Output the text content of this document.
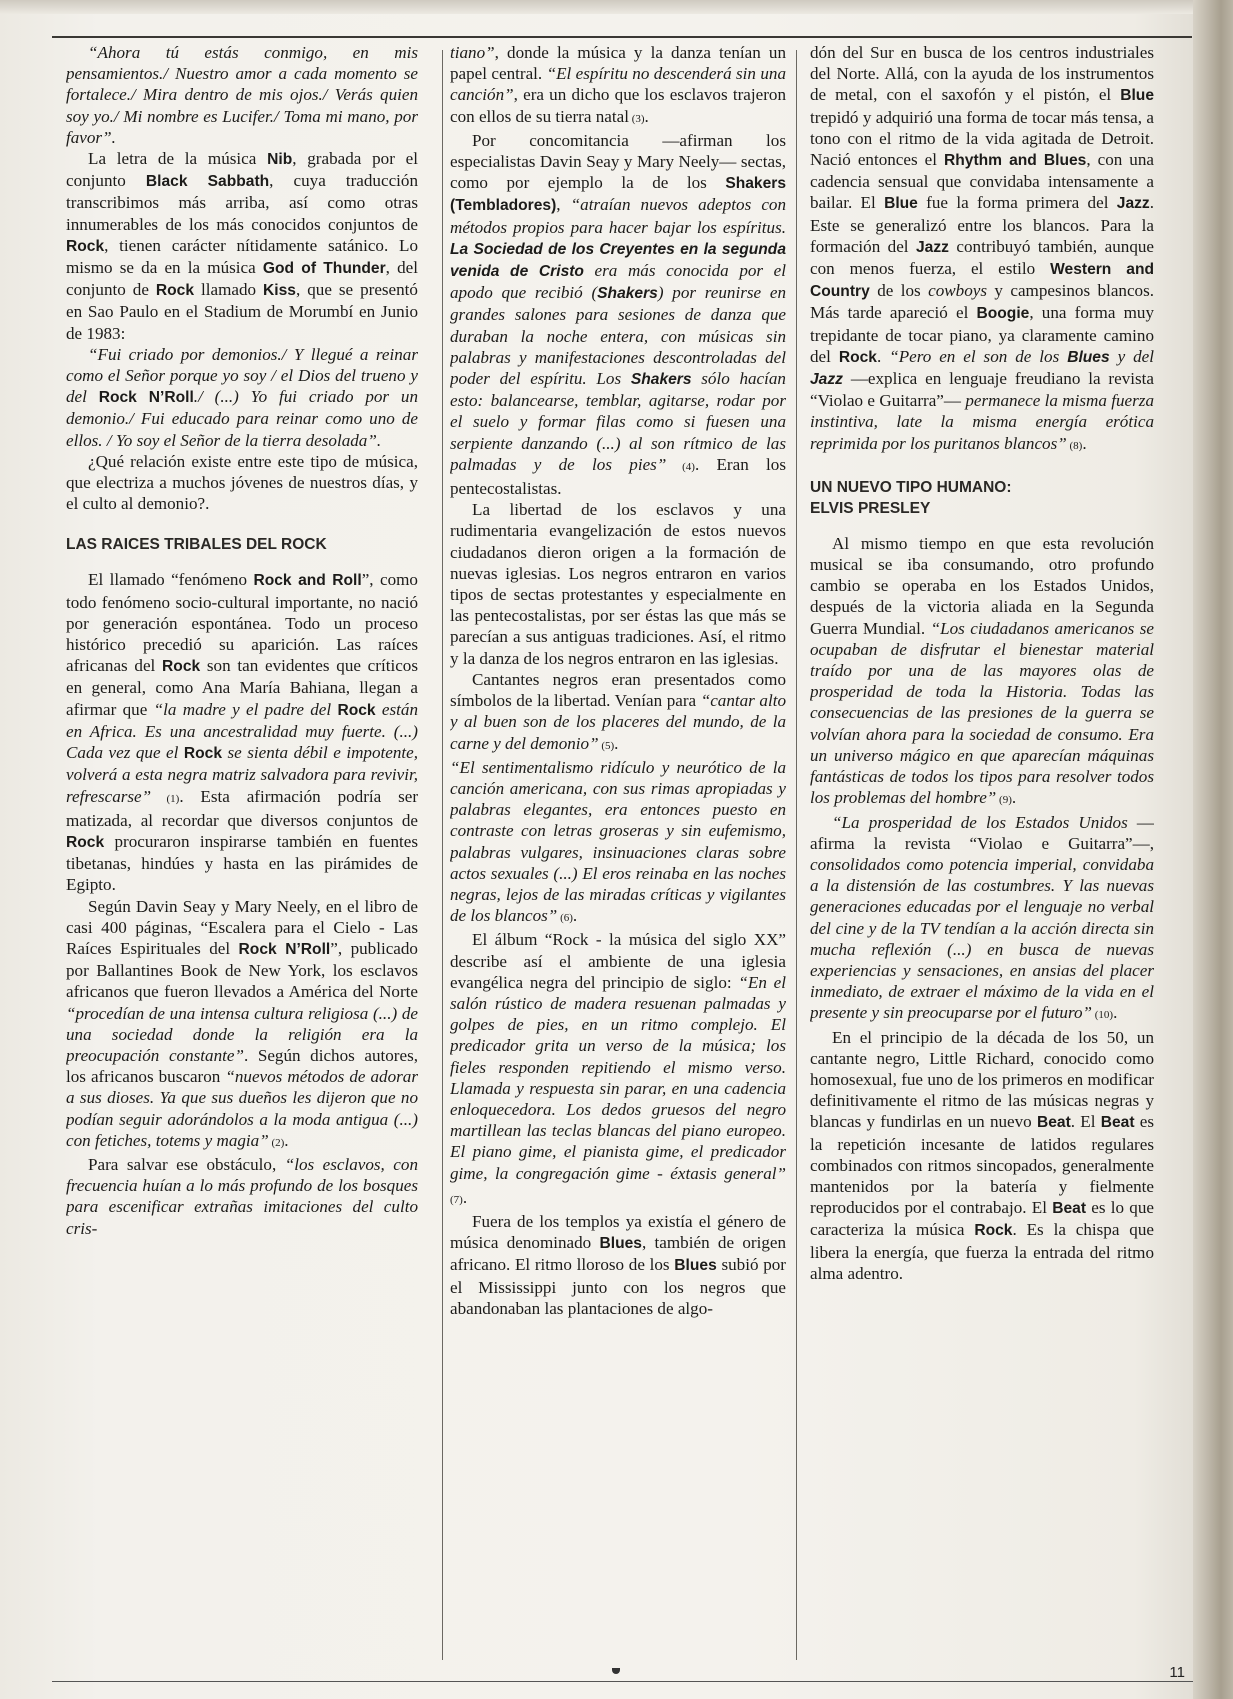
“Ahora tú estás conmigo, en mis pensamientos./ Nuestro amor a cada momento se fortalece./ Mira dentro de mis ojos./ Verás quien soy yo./ Mi nombre es Lucifer./ Toma mi mano, por favor”.

La letra de la música Nib, grabada por el conjunto Black Sabbath, cuya traducción transcribimos más arriba, así como otras innumerables de los más conocidos conjuntos de Rock, tienen carácter nítidamente satánico. Lo mismo se da en la música God of Thunder, del conjunto de Rock llamado Kiss, que se presentó en Sao Paulo en el Stadium de Morumbí en Junio de 1983:

“Fui criado por demonios./ Y llegué a reinar como el Señor porque yo soy / el Dios del trueno y del Rock N’Roll./ (...) Yo fui criado por un demonio./ Fui educado para reinar como uno de ellos. / Yo soy el Señor de la tierra desolada”.

¿Qué relación existe entre este tipo de música, que electriza a muchos jóvenes de nuestros días, y el culto al demonio?.

LAS RAICES TRIBALES DEL ROCK

El llamado “fenómeno Rock and Roll”, como todo fenómeno socio-cultural importante, no nació por generación espontánea. Todo un proceso histórico precedió su aparición. Las raíces africanas del Rock son tan evidentes que críticos en general, como Ana María Bahiana, llegan a afirmar que “la madre y el padre del Rock están en Africa. Es una ancestralidad muy fuerte. (...) Cada vez que el Rock se sienta débil e impotente, volverá a esta negra matriz salvadora para revivir, refrescarse” (1). Esta afirmación podría ser matizada, al recordar que diversos conjuntos de Rock procuraron inspirarse también en fuentes tibetanas, hindúes y hasta en las pirámides de Egipto.

Según Davin Seay y Mary Neely, en el libro de casi 400 páginas, “Escalera para el Cielo - Las Raíces Espirituales del Rock N’Roll”, publicado por Ballantines Book de New York, los esclavos africanos que fueron llevados a América del Norte “procedían de una intensa cultura religiosa (...) de una sociedad donde la religión era la preocupación constante”. Según dichos autores, los africanos buscaron “nuevos métodos de adorar a sus dioses. Ya que sus dueños les dijeron que no podían seguir adorándolos a la moda antigua (...) con fetiches, totems y magia” (2).

Para salvar ese obstáculo, “los esclavos, con frecuencia huían a lo más profundo de los bosques para escenificar extrañas imitaciones del culto cris-

tiano”, donde la música y la danza tenían un papel central. “El espíritu no descenderá sin una canción”, era un dicho que los esclavos trajeron con ellos de su tierra natal (3).

Por concomitancia —afirman los especialistas Davin Seay y Mary Neely— sectas, como por ejemplo la de los Shakers (Tembladores), “atraían nuevos adeptos con métodos propios para hacer bajar los espíritus. La Sociedad de los Creyentes en la segunda venida de Cristo era más conocida por el apodo que recibió (Shakers) por reunirse en grandes salones para sesiones de danza que duraban la noche entera, con músicas sin palabras y manifestaciones descontroladas del poder del espíritu. Los Shakers sólo hacían esto: balancearse, temblar, agitarse, rodar por el suelo y formar filas como si fuesen una serpiente danzando (...) al son rítmico de las palmadas y de los pies” (4). Eran los pentecostalistas.

La libertad de los esclavos y una rudimentaria evangelización de estos nuevos ciudadanos dieron origen a la formación de nuevas iglesias. Los negros entraron en varios tipos de sectas protestantes y especialmente en las pentecostalistas, por ser éstas las que más se parecían a sus antiguas tradiciones. Así, el ritmo y la danza de los negros entraron en las iglesias.

Cantantes negros eran presentados como símbolos de la libertad. Venían para “cantar alto y al buen son de los placeres del mundo, de la carne y del demonio” (5).

“El sentimentalismo ridículo y neurótico de la canción americana, con sus rimas apropiadas y palabras elegantes, era entonces puesto en contraste con letras groseras y sin eufemismo, palabras vulgares, insinuaciones claras sobre actos sexuales (...) El eros reinaba en las noches negras, lejos de las miradas críticas y vigilantes de los blancos” (6).

El álbum “Rock - la música del siglo XX” describe así el ambiente de una iglesia evangélica negra del principio de siglo: “En el salón rústico de madera resuenan palmadas y golpes de pies, en un ritmo complejo. El predicador grita un verso de la música; los fieles responden repitiendo el mismo verso. Llamada y respuesta sin parar, en una cadencia enloquecedora. Los dedos gruesos del negro martillean las teclas blancas del piano europeo. El piano gime, el pianista gime, el predicador gime, la congregación gime - éxtasis general” (7).

Fuera de los templos ya existía el género de música denominado Blues, también de origen africano. El ritmo lloroso de los Blues subió por el Mississippi junto con los negros que abandonaban las plantaciones de algo-

dón del Sur en busca de los centros industriales del Norte. Allá, con la ayuda de los instrumentos de metal, con el saxofón y el pistón, el Blue trepidó y adquirió una forma de tocar más tensa, a tono con el ritmo de la vida agitada de Detroit. Nació entonces el Rhythm and Blues, con una cadencia sensual que convidaba intensamente a bailar. El Blue fue la forma primera del Jazz. Este se generalizó entre los blancos. Para la formación del Jazz contribuyó también, aunque con menos fuerza, el estilo Western and Country de los cowboys y campesinos blancos. Más tarde apareció el Boogie, una forma muy trepidante de tocar piano, ya claramente camino del Rock. “Pero en el son de los Blues y del Jazz —explica en lenguaje freudiano la revista “Violao e Guitarra”— permanece la misma fuerza instintiva, late la misma energía erótica reprimida por los puritanos blancos” (8).

UN NUEVO TIPO HUMANO:
ELVIS PRESLEY

Al mismo tiempo en que esta revolución musical se iba consumando, otro profundo cambio se operaba en los Estados Unidos, después de la victoria aliada en la Segunda Guerra Mundial. “Los ciudadanos americanos se ocupaban de disfrutar el bienestar material traído por una de las mayores olas de prosperidad de toda la Historia. Todas las consecuencias de las presiones de la guerra se volvían ahora para la sociedad de consumo. Era un universo mágico en que aparecían máquinas fantásticas de todos los tipos para resolver todos los problemas del hombre” (9).

“La prosperidad de los Estados Unidos —afirma la revista “Violao e Guitarra”—, consolidados como potencia imperial, convidaba a la distensión de las costumbres. Y las nuevas generaciones educadas por el lenguaje no verbal del cine y de la TV tendían a la acción directa sin mucha reflexión (...) en busca de nuevas experiencias y sensaciones, en ansias del placer inmediato, de extraer el máximo de la vida en el presente y sin preocuparse por el futuro” (10).

En el principio de la década de los 50, un cantante negro, Little Richard, conocido como homosexual, fue uno de los primeros en modificar definitivamente el ritmo de las músicas negras y blancas y fundirlas en un nuevo Beat. El Beat es la repetición incesante de latidos regulares combinados con ritmos sincopados, generalmente mantenidos por la batería y fielmente reproducidos por el contrabajo. El Beat es lo que caracteriza la música Rock. Es la chispa que libera la energía, que fuerza la entrada del ritmo alma adentro.

11
